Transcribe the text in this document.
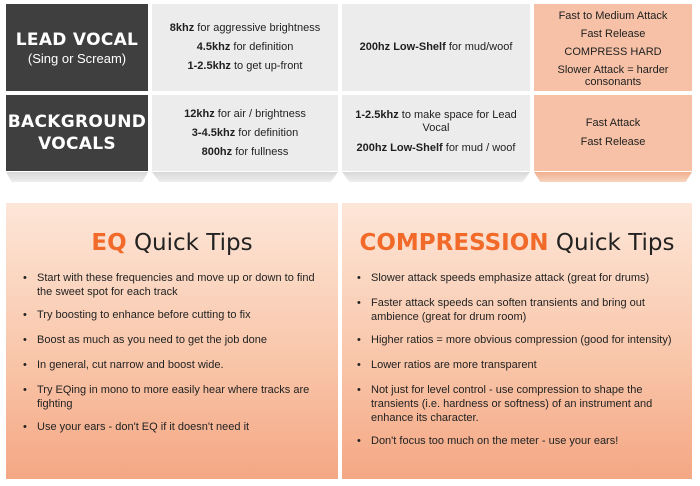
LEAD VOCAL
(Sing or Scream)
8khz for aggressive brightness
4.5khz for definition
1-2.5khz to get up-front
200hz Low-Shelf for mud/woof
Fast to Medium Attack
Fast Release
COMPRESS HARD
Slower Attack = harder consonants
BACKGROUND VOCALS
12khz for air / brightness
3-4.5khz for definition
800hz for fullness
1-2.5khz to make space for Lead Vocal
200hz Low-Shelf for mud / woof
Fast Attack
Fast Release
EQ Quick Tips
• Start with these frequencies and move up or down to find the sweet spot for each track
• Try boosting to enhance before cutting to fix
• Boost as much as you need to get the job done
• In general, cut narrow and boost wide.
• Try EQing in mono to more easily hear where tracks are fighting
• Use your ears - don't EQ if it doesn't need it
COMPRESSION Quick Tips
• Slower attack speeds emphasize attack (great for drums)
• Faster attack speeds can soften transients and bring out ambience (great for drum room)
• Higher ratios = more obvious compression (good for intensity)
• Lower ratios are more transparent
• Not just for level control - use compression to shape the transients (i.e. hardness or softness) of an instrument and enhance its character.
• Don't focus too much on the meter - use your ears!
